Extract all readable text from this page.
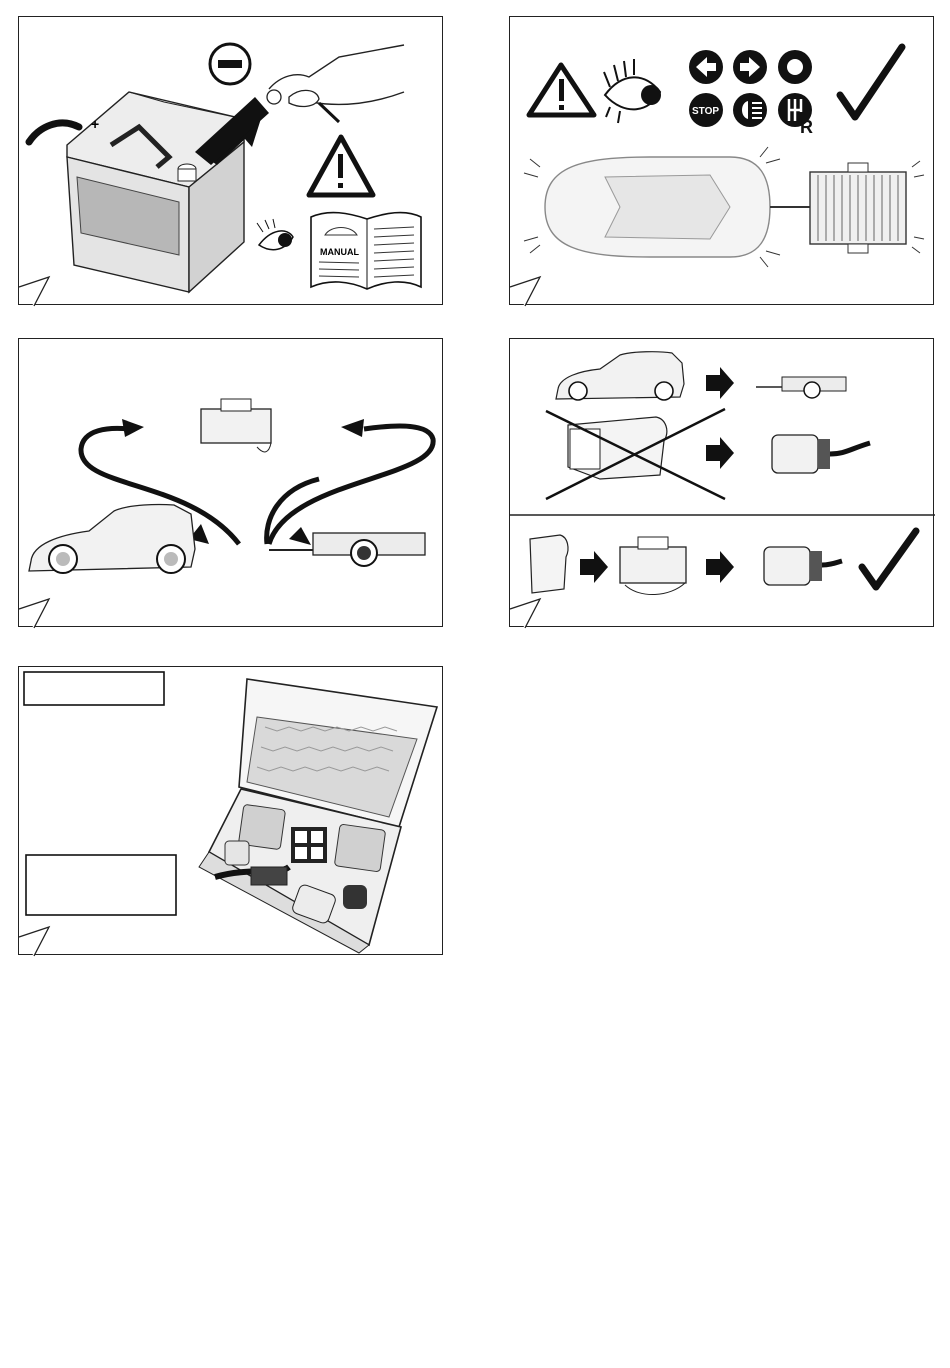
+
MANUAL
STOP
R
